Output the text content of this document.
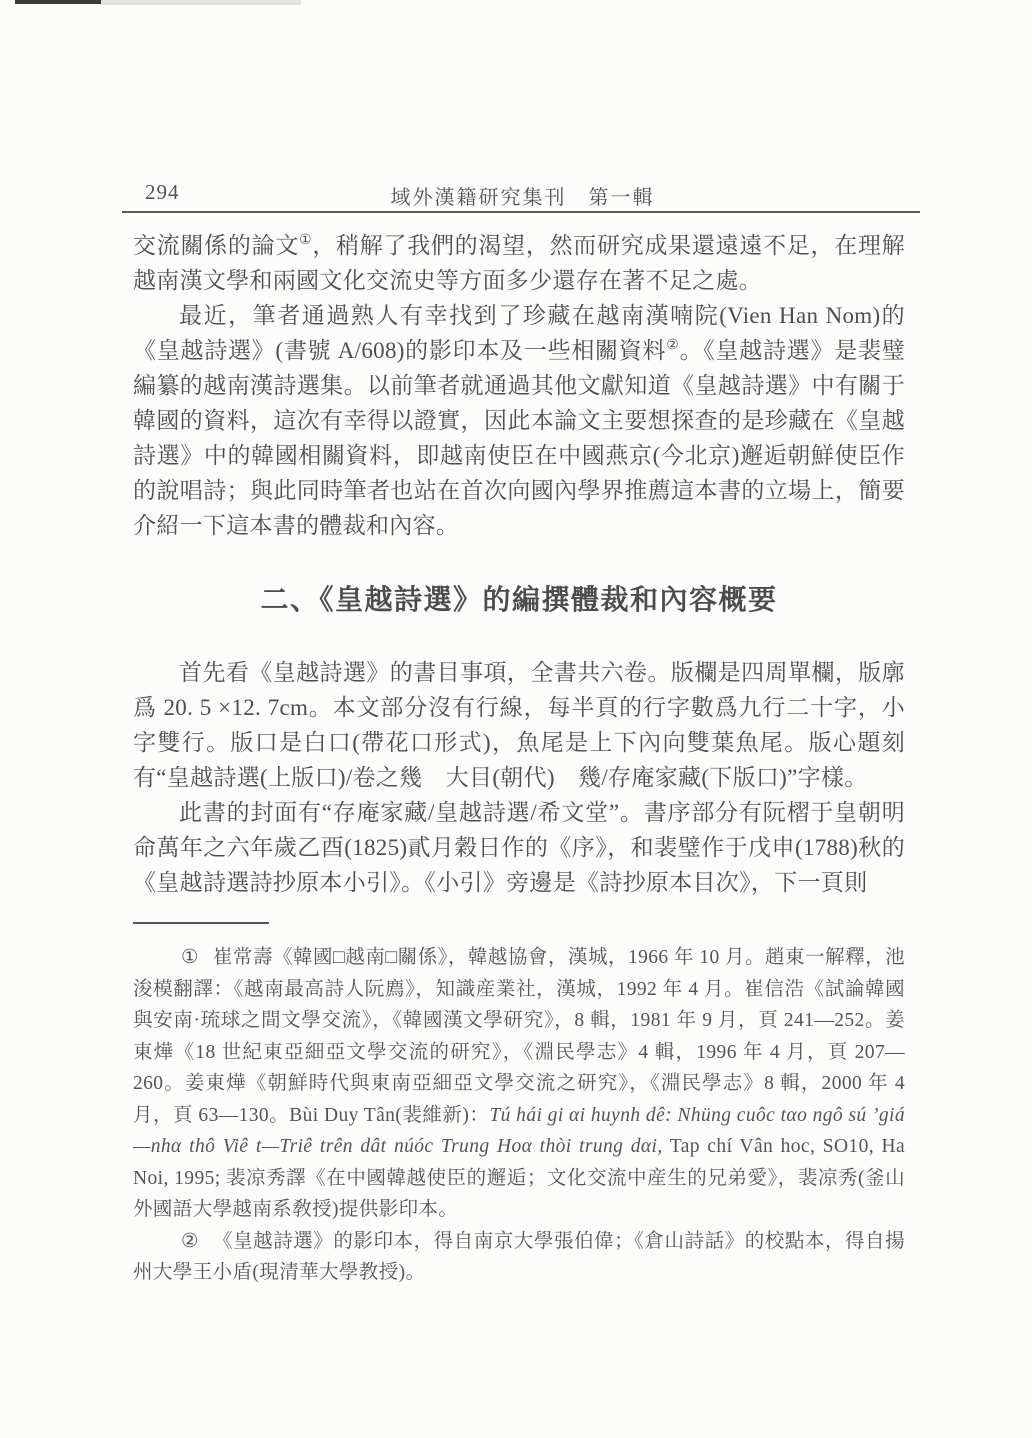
294	域外漢籍研究集刊　第一輯

交流關係的論文①，稍解了我們的渴望，然而研究成果還遠遠不足，在理解越南漢文學和兩國文化交流史等方面多少還存在著不足之處。

最近，筆者通過熟人有幸找到了珍藏在越南漢喃院(Vien Han Nom)的《皇越詩選》(書號 A/608)的影印本及一些相關資料②。《皇越詩選》是裴璧編纂的越南漢詩選集。以前筆者就通過其他文獻知道《皇越詩選》中有關于韓國的資料，這次有幸得以證實，因此本論文主要想探查的是珍藏在《皇越詩選》中的韓國相關資料，即越南使臣在中國燕京(今北京)邂逅朝鮮使臣作的說唱詩；與此同時筆者也站在首次向國內學界推薦這本書的立場上，簡要介紹一下這本書的體裁和內容。

二、《皇越詩選》的編撰體裁和內容概要

首先看《皇越詩選》的書目事項，全書共六卷。版欄是四周單欄，版廓爲 20. 5 ×12. 7cm。本文部分沒有行線，每半頁的行字數爲九行二十字，小字雙行。版口是白口(帶花口形式)，魚尾是上下內向雙葉魚尾。版心題刻有“皇越詩選(上版口)/卷之幾　大目(朝代)　幾/存庵家藏(下版口)”字樣。

此書的封面有“存庵家藏/皇越詩選/希文堂”。書序部分有阮槢于皇朝明命萬年之六年歲乙酉(1825)貳月穀日作的《序》，和裴璧作于戊申(1788)秋的《皇越詩選詩抄原本小引》。《小引》旁邊是《詩抄原本目次》，下一頁則

① 崔常壽《韓國□越南□關係》，韓越協會，漢城，1966 年 10 月。趙東一解釋，池浚模翻譯：《越南最高詩人阮廌》，知識産業社，漢城，1992 年 4 月。崔信浩《試論韓國與安南·琉球之間文學交流》，《韓國漢文學研究》，8 輯，1981 年 9 月，頁 241—252。姜東燁《18 世紀東亞細亞文學交流的研究》，《淵民學志》4 輯，1996 年 4 月，頁 207—260。姜東燁《朝鮮時代與東南亞細亞文學交流之研究》，《淵民學志》8 輯，2000 年 4 月，頁 63—130。Bùi Duy Tân(裴維新)：Tú hái gi αi huynh dê: Nhüng cuôc tαo ngô sú ’giá—nhα thô Viê t—Triê trên dât núóc Trung Hoα thòi trung dαi, Tap chí Vân hoc, SO10, Ha Noi, 1995; 裴凉秀譯《在中國韓越使臣的邂逅；文化交流中産生的兄弟愛》，裴凉秀(釜山外國語大學越南系敎授)提供影印本。

② 《皇越詩選》的影印本，得自南京大學張伯偉；《倉山詩話》的校點本，得自揚州大學王小盾(現清華大學教授)。
